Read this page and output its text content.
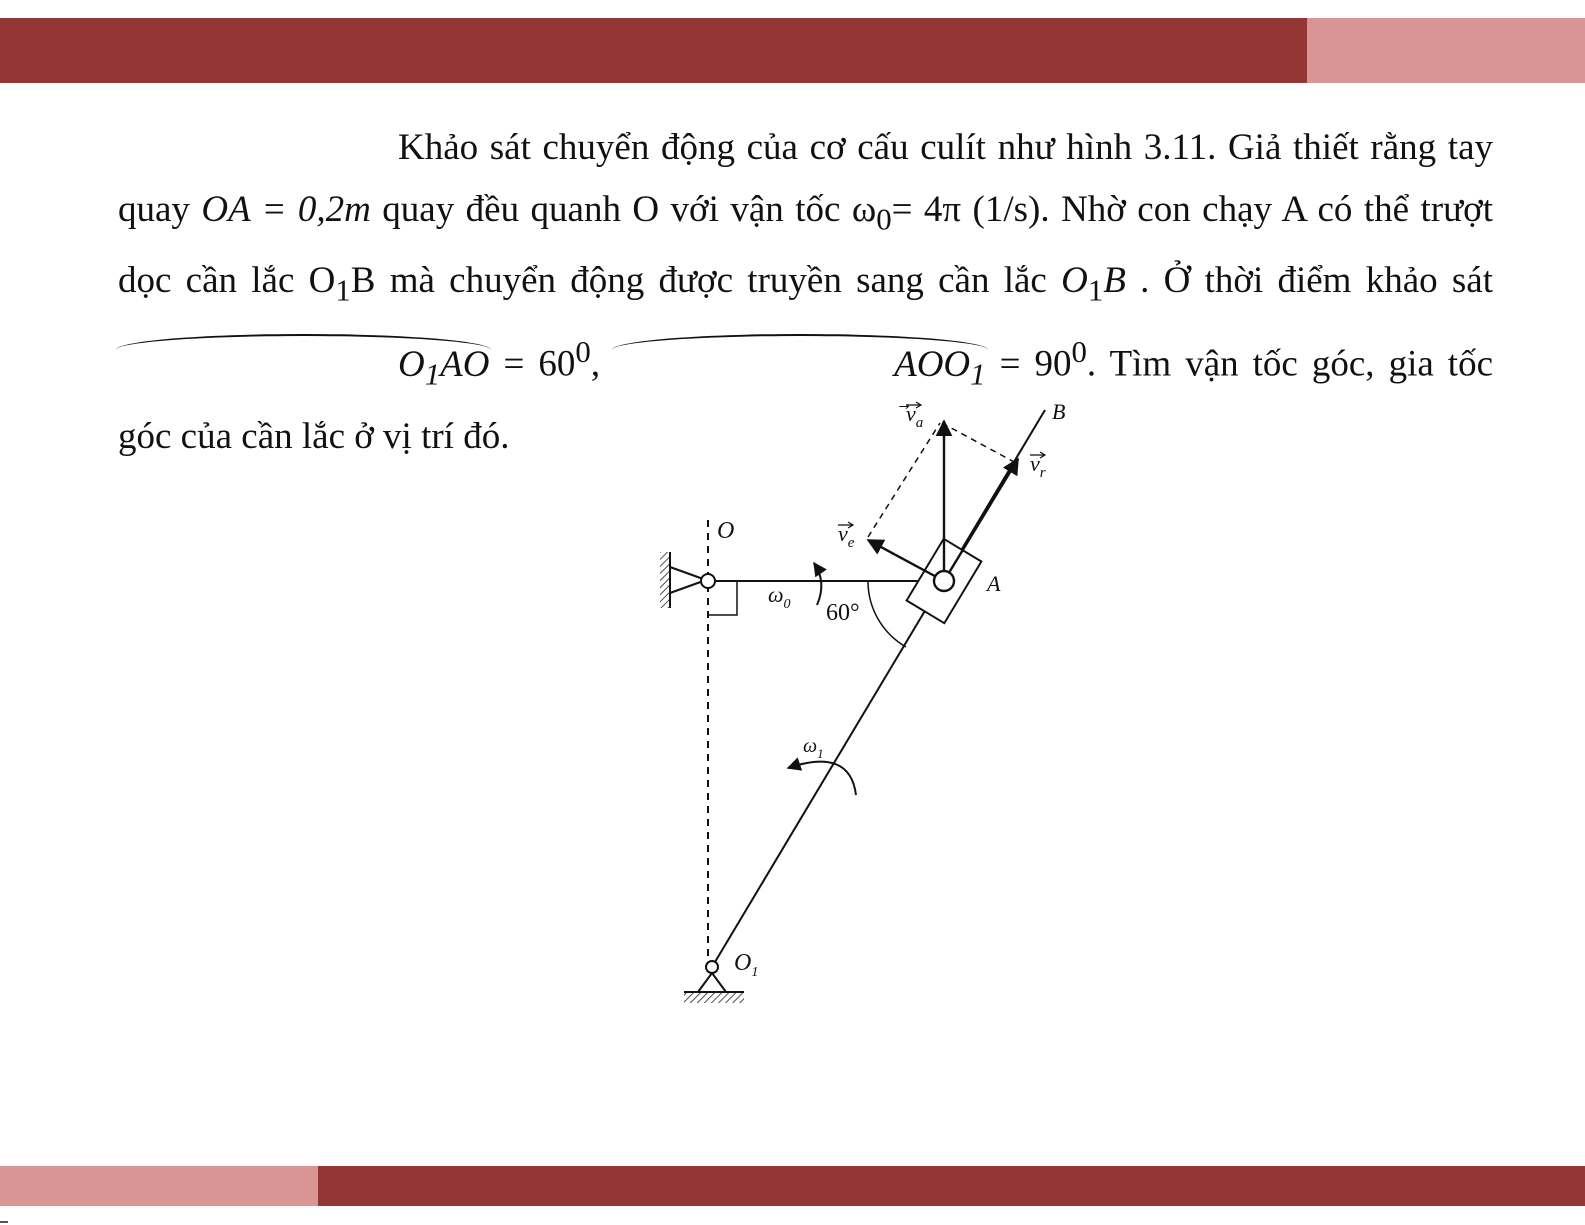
Khảo sát chuyển động của cơ cấu culít như hình 3.11. Giả thiết rằng tay quay OA = 0,2m quay đều quanh O với vận tốc $\omega_0= 4\pi$ (1/s). Nhờ con chạy A có thể trượt dọc cần lắc $O_1B$ mà chuyển động được truyền sang cần lắc $O_1B$ . Ở thời điểm khảo sát $O_1AO = 60^0$,	$AOO_1 = 90^0$. Tìm vận tốc góc, gia tốc góc của cần lắc ở vị trí đó.
O
A
B
$O_1$
$v_a$
$v_r$
$v_e$
$\omega_0$
$\omega_1$
60°
